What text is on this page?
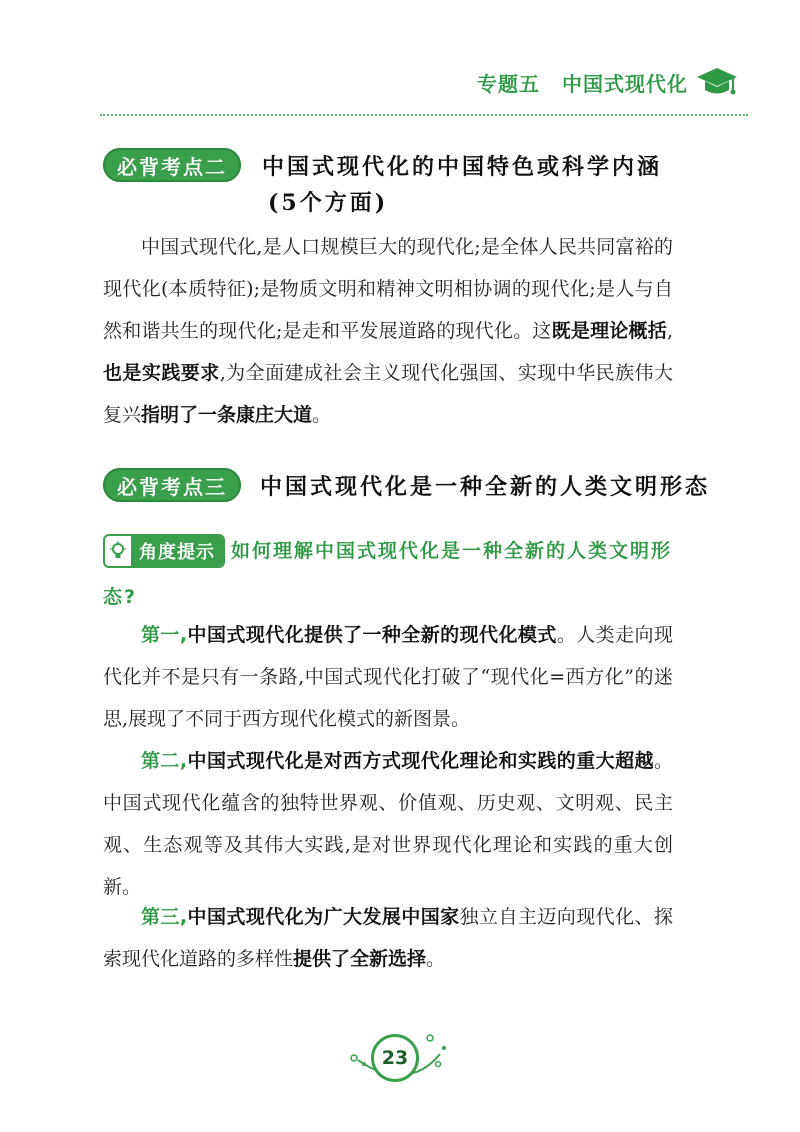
专题五 中国式现代化
必背考点二	中国式现代化的中国特色或科学内涵
(5个方面)
中国式现代化,是人口规模巨大的现代化;是全体人民共同富裕的现代化(本质特征);是物质文明和精神文明相协调的现代化;是人与自然和谐共生的现代化;是走和平发展道路的现代化。这既是理论概括,也是实践要求,为全面建成社会主义现代化强国、实现中华民族伟大复兴指明了一条康庄大道。
必背考点三	中国式现代化是一种全新的人类文明形态
如何理解中国式现代化是一种全新的人类文明形态?
角度提示
第一,中国式现代化提供了一种全新的现代化模式。人类走向现代化并不是只有一条路,中国式现代化打破了“现代化=西方化”的迷思,展现了不同于西方现代化模式的新图景。
第二,中国式现代化是对西方式现代化理论和实践的重大超越。中国式现代化蕴含的独特世界观、价值观、历史观、文明观、民主观、生态观等及其伟大实践,是对世界现代化理论和实践的重大创新。
第三,中国式现代化为广大发展中国家独立自主迈向现代化、探索现代化道路的多样性提供了全新选择。
23
